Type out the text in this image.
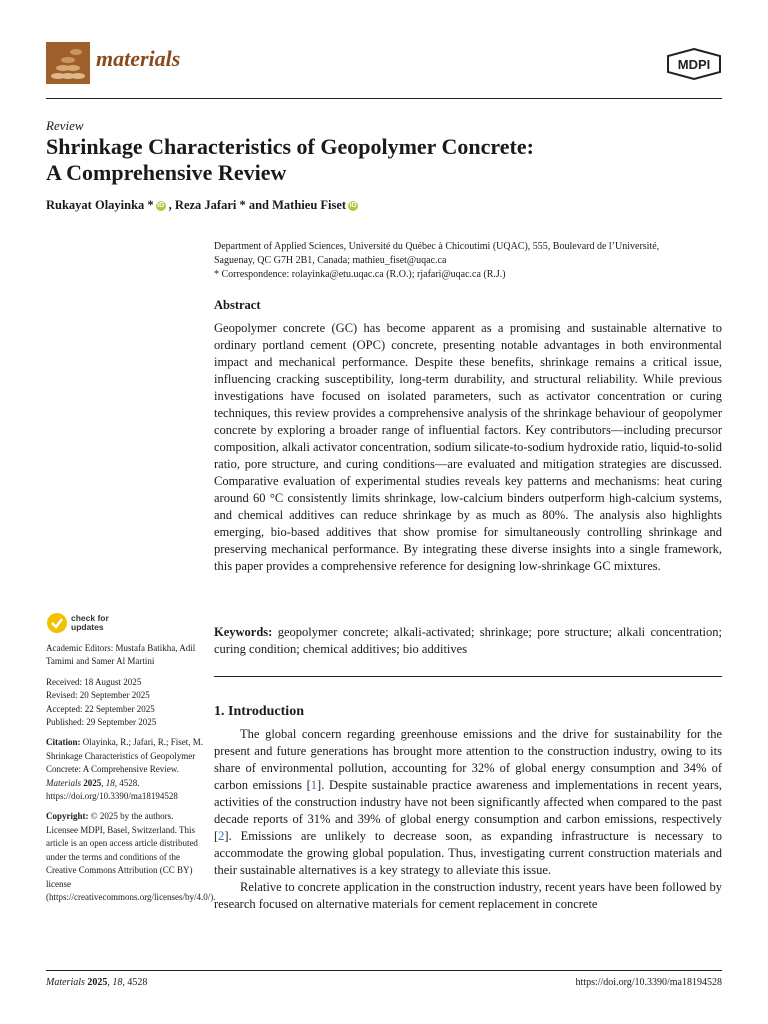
materials	MDPI
Review
Shrinkage Characteristics of Geopolymer Concrete:
A Comprehensive Review
Rukayat Olayinka * iD , Reza Jafari * and Mathieu Fiset iD
Department of Applied Sciences, Université du Québec à Chicoutimi (UQAC), 555, Boulevard de l’Université,
Saguenay, QC G7H 2B1, Canada; mathieu_fiset@uqac.ca
* Correspondence: rolayinka@etu.uqac.ca (R.O.); rjafari@uqac.ca (R.J.)
Abstract

Geopolymer concrete (GC) has become apparent as a promising and sustainable alternative to ordinary portland cement (OPC) concrete, presenting notable advantages in both environmental impact and mechanical performance. Despite these benefits, shrinkage remains a critical issue, influencing cracking susceptibility, long-term durability, and structural reliability. While previous investigations have focused on isolated parameters, such as activator concentration or curing techniques, this review provides a comprehensive analysis of the shrinkage behaviour of geopolymer concrete by exploring a broader range of influential factors. Key contributors—including precursor composition, alkali activator concentration, sodium silicate-to-sodium hydroxide ratio, liquid-to-solid ratio, pore structure, and curing conditions—are evaluated and mitigation strategies are discussed. Comparative evaluation of experimental studies reveals key patterns and mechanisms: heat curing around 60 °C consistently limits shrinkage, low-calcium binders outperform high-calcium systems, and chemical additives can reduce shrinkage by as much as 80%. The analysis also highlights emerging, bio-based additives that show promise for simultaneously controlling shrinkage and preserving mechanical performance. By integrating these diverse insights into a single framework, this paper provides a comprehensive reference for designing low-shrinkage GC mixtures.

Keywords: geopolymer concrete; alkali-activated; shrinkage; pore structure; alkali concentration; curing condition; chemical additives; bio additives
1. Introduction

The global concern regarding greenhouse emissions and the drive for sustainability for the present and future generations has brought more attention to the construction industry, owing to its share of environmental pollution, accounting for 32% of global energy consumption and 34% of carbon emissions [1]. Despite sustainable practice awareness and implementations in recent years, activities of the construction industry have not been significantly affected when compared to the past decade reports of 31% and 39% of global energy consumption and carbon emissions, respectively [2]. Emissions are unlikely to decrease soon, as expanding infrastructure is necessary to accommodate the growing global population. Thus, investigating current construction materials and their sustainable alternatives is a key strategy to alleviate this issue.

Relative to concrete application in the construction industry, recent years have been followed by research focused on alternative materials for cement replacement in concrete

check for
updates
Academic Editors: Mustafa Batikha, Adil Tamimi and Samer Al Martini
Received: 18 August 2025
Revised: 20 September 2025
Accepted: 22 September 2025
Published: 29 September 2025
Citation: Olayinka, R.; Jafari, R.; Fiset, M. Shrinkage Characteristics of Geopolymer Concrete: A Comprehensive Review. Materials 2025, 18, 4528. https://doi.org/10.3390/ma18194528
Copyright: © 2025 by the authors. Licensee MDPI, Basel, Switzerland. This article is an open access article distributed under the terms and conditions of the Creative Commons Attribution (CC BY) license (https://creativecommons.org/licenses/by/4.0/).
Materials 2025, 18, 4528	https://doi.org/10.3390/ma18194528
